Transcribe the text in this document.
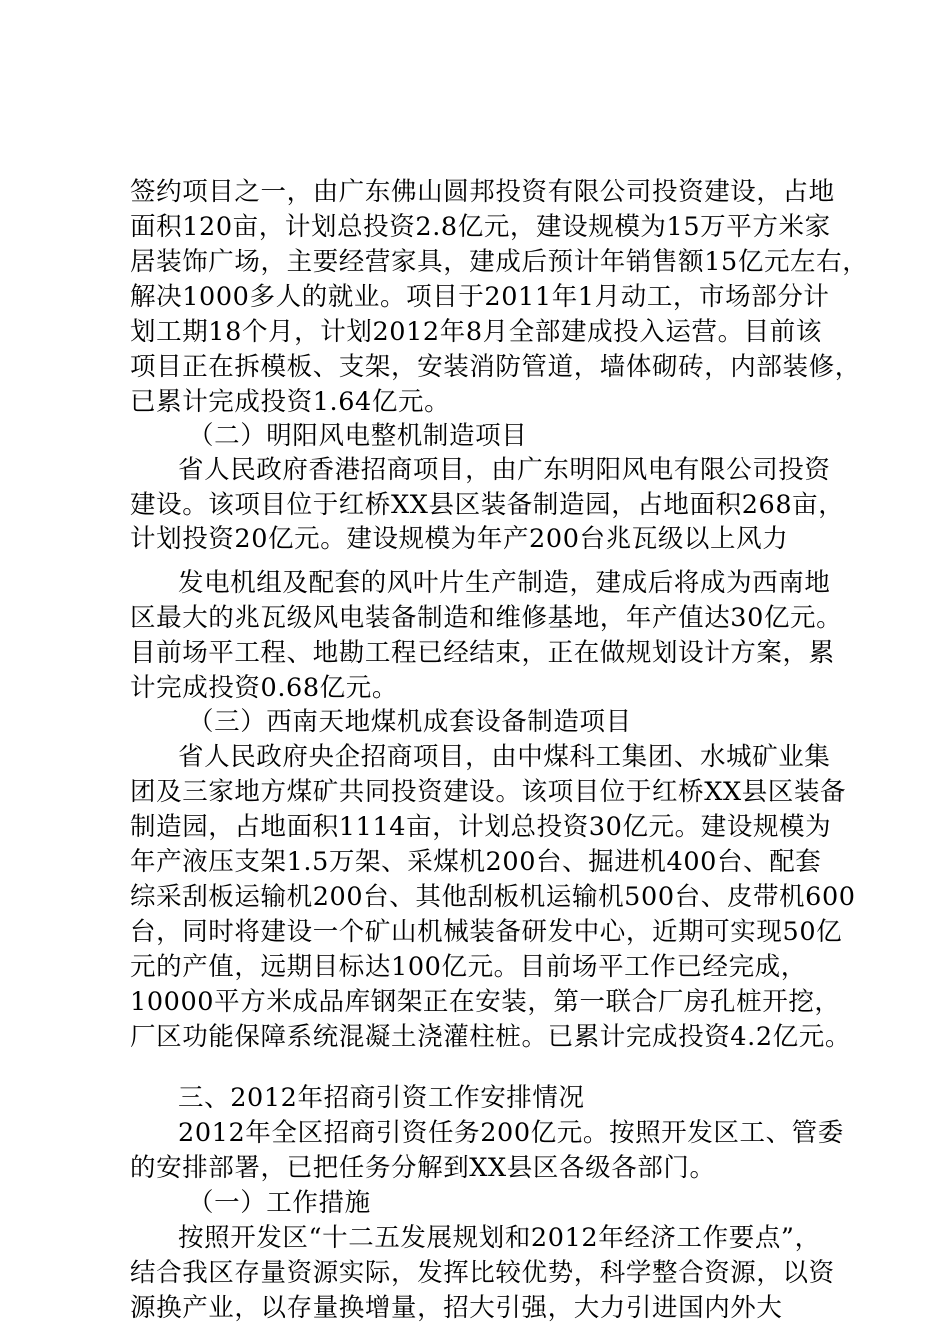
签约项目之一，由广东佛山圆邦投资有限公司投资建设，占地
面积120亩，计划总投资2.8亿元，建设规模为15万平方米家
居装饰广场，主要经营家具，建成后预计年销售额15亿元左右，
解决1000多人的就业。项目于2011年1月动工，市场部分计
划工期18个月，计划2012年8月全部建成投入运营。目前该
项目正在拆模板、支架，安装消防管道，墙体砌砖，内部装修，
已累计完成投资1.64亿元。
（二）明阳风电整机制造项目
省人民政府香港招商项目，由广东明阳风电有限公司投资
建设。该项目位于红桥XX县区装备制造园，占地面积268亩，
计划投资20亿元。建设规模为年产200台兆瓦级以上风力
发电机组及配套的风叶片生产制造，建成后将成为西南地
区最大的兆瓦级风电装备制造和维修基地，年产值达30亿元。
目前场平工程、地勘工程已经结束，正在做规划设计方案，累
计完成投资0.68亿元。
（三）西南天地煤机成套设备制造项目
省人民政府央企招商项目，由中煤科工集团、水城矿业集
团及三家地方煤矿共同投资建设。该项目位于红桥XX县区装备
制造园，占地面积1114亩，计划总投资30亿元。建设规模为
年产液压支架1.5万架、采煤机200台、掘进机400台、配套
综采刮板运输机200台、其他刮板机运输机500台、皮带机600
台，同时将建设一个矿山机械装备研发中心，近期可实现50亿
元的产值，远期目标达100亿元。目前场平工作已经完成，
10000平方米成品库钢架正在安装，第一联合厂房孔桩开挖，
厂区功能保障系统混凝土浇灌柱桩。已累计完成投资4.2亿元。
三、2012年招商引资工作安排情况
2012年全区招商引资任务200亿元。按照开发区工、管委
的安排部署，已把任务分解到XX县区各级各部门。
（一）工作措施
按照开发区“十二五发展规划和2012年经济工作要点”，
结合我区存量资源实际，发挥比较优势，科学整合资源，以资
源换产业，以存量换增量，招大引强，大力引进国内外大
